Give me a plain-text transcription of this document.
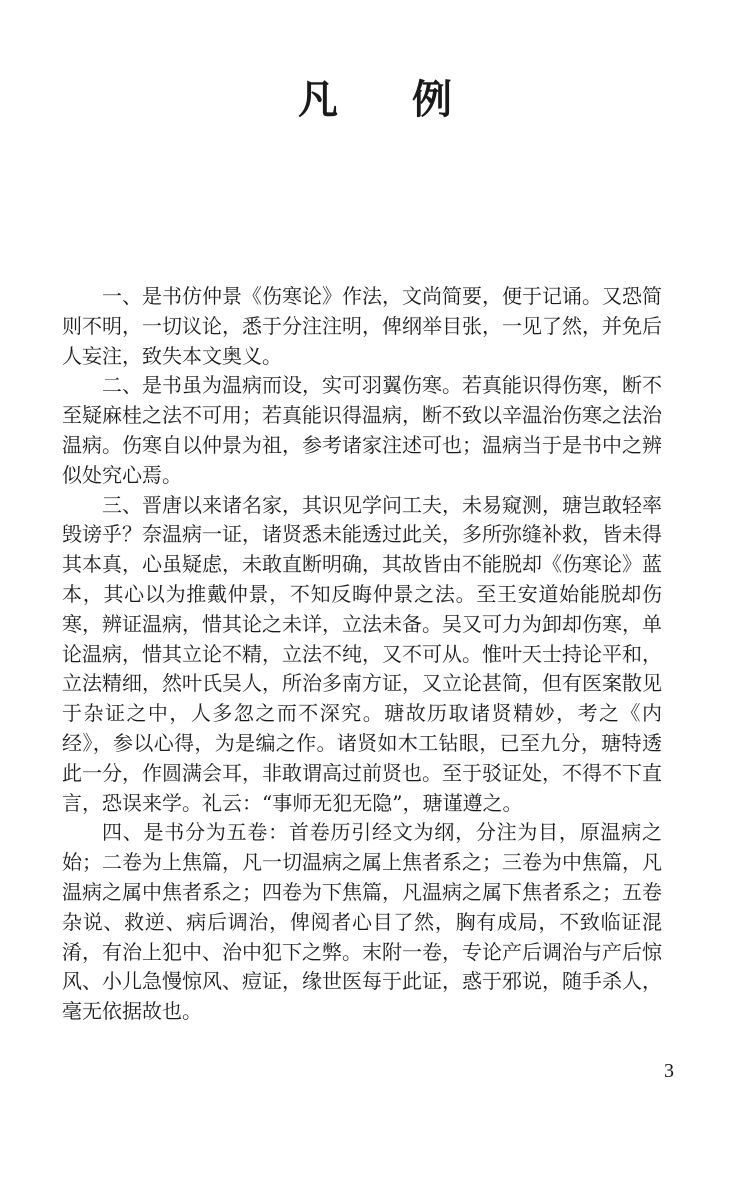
凡 例

一、是书仿仲景《伤寒论》作法，文尚简要，便于记诵。又恐简则不明，一切议论，悉于分注注明，俾纲举目张，一见了然，并免后人妄注，致失本文奥义。

二、是书虽为温病而设，实可羽翼伤寒。若真能识得伤寒，断不至疑麻桂之法不可用；若真能识得温病，断不致以辛温治伤寒之法治温病。伤寒自以仲景为祖，参考诸家注述可也；温病当于是书中之辨似处究心焉。

三、晋唐以来诸名家，其识见学问工夫，未易窥测，瑭岂敢轻率毁谤乎？奈温病一证，诸贤悉未能透过此关，多所弥缝补救，皆未得其本真，心虽疑虑，未敢直断明确，其故皆由不能脱却《伤寒论》蓝本，其心以为推戴仲景，不知反晦仲景之法。至王安道始能脱却伤寒，辨证温病，惜其论之未详，立法未备。吴又可力为卸却伤寒，单论温病，惜其立论不精，立法不纯，又不可从。惟叶天士持论平和，立法精细，然叶氏吴人，所治多南方证，又立论甚简，但有医案散见于杂证之中，人多忽之而不深究。瑭故历取诸贤精妙，考之《内经》，参以心得，为是编之作。诸贤如木工钻眼，已至九分，瑭特透此一分，作圆满会耳，非敢谓高过前贤也。至于驳证处，不得不下直言，恐误来学。礼云：“事师无犯无隐”，瑭谨遵之。

四、是书分为五卷：首卷历引经文为纲，分注为目，原温病之始；二卷为上焦篇，凡一切温病之属上焦者系之；三卷为中焦篇，凡温病之属中焦者系之；四卷为下焦篇，凡温病之属下焦者系之；五卷杂说、救逆、病后调治，俾阅者心目了然，胸有成局，不致临证混淆，有治上犯中、治中犯下之弊。末附一卷，专论产后调治与产后惊风、小儿急慢惊风、痘证，缘世医每于此证，惑于邪说，随手杀人，毫无依据故也。

3
